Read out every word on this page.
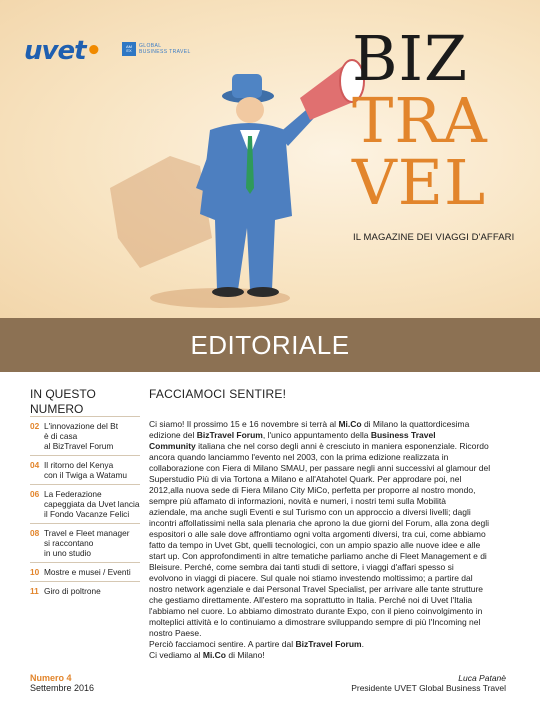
uvet•	AM
EX
GLOBAL
BUSINESS TRAVEL	BIZ
TRA
VEL
IL MAGAZINE DEI VIAGGI D'AFFARI
EDITORIALE
IN QUESTO
NUMERO
02 L'innovazione del Bt
è di casa
al BizTravel Forum
04 Il ritorno del Kenya
con il Twiga a Watamu
06 La Federazione
capeggiata da Uvet lancia
il Fondo Vacanze Felici
08 Travel e Fleet manager
si raccontano
in uno studio
10 Mostre e musei / Eventi
11 Giro di poltrone
Numero 4
Settembre 2016
FACCIAMOCI SENTIRE!
Ci siamo! Il prossimo 15 e 16 novembre si terrà al Mi.Co di Milano la quattordicesima
edizione del BizTravel Forum, l'unico appuntamento della Business Travel
Community italiana che nel corso degli anni è cresciuto in maniera esponenziale. Ricordo
ancora quando lanciammo l'evento nel 2003, con la prima edizione realizzata in
collaborazione con Fiera di Milano SMAU, per passare negli anni successivi al glamour del
Superstudio Più di via Tortona a Milano e all'Atahotel Quark. Per approdare poi, nel
2012,alla nuova sede di Fiera Milano City MiCo, perfetta per proporre al nostro mondo,
sempre più affamato di informazioni, novità e numeri, i nostri temi sulla Mobilità
aziendale, ma anche sugli Eventi e sul Turismo con un approccio a diversi livelli; dagli
incontri affollatissimi nella sala plenaria che aprono la due giorni del Forum, alla zona degli
espositori o alle sale dove affrontiamo ogni volta argomenti diversi, tra cui, come abbiamo
fatto da tempo in Uvet Gbt, quelli tecnologici, con un ampio spazio alle nuove idee e alle
start up. Con approfondimenti in altre tematiche parliamo anche di Fleet Management e di
Bleisure. Perché, come sembra dai tanti studi di settore, i viaggi d'affari spesso si
evolvono in viaggi di piacere. Sul quale noi stiamo investendo moltissimo; a partire dal
nostro network agenziale e dai Personal Travel Specialist, per arrivare alle tante strutture
che gestiamo direttamente. All'estero ma soprattutto in Italia. Perché noi di Uvet l'Italia
l'abbiamo nel cuore. Lo abbiamo dimostrato durante Expo, con il pieno coinvolgimento in
molteplici attività e lo continuiamo a dimostrare sviluppando sempre di più l'Incoming nel
nostro Paese.
Perciò facciamoci sentire. A partire dal BizTravel Forum.
Ci vediamo al Mi.Co di Milano!
Luca Patanè
Presidente UVET Global Business Travel
